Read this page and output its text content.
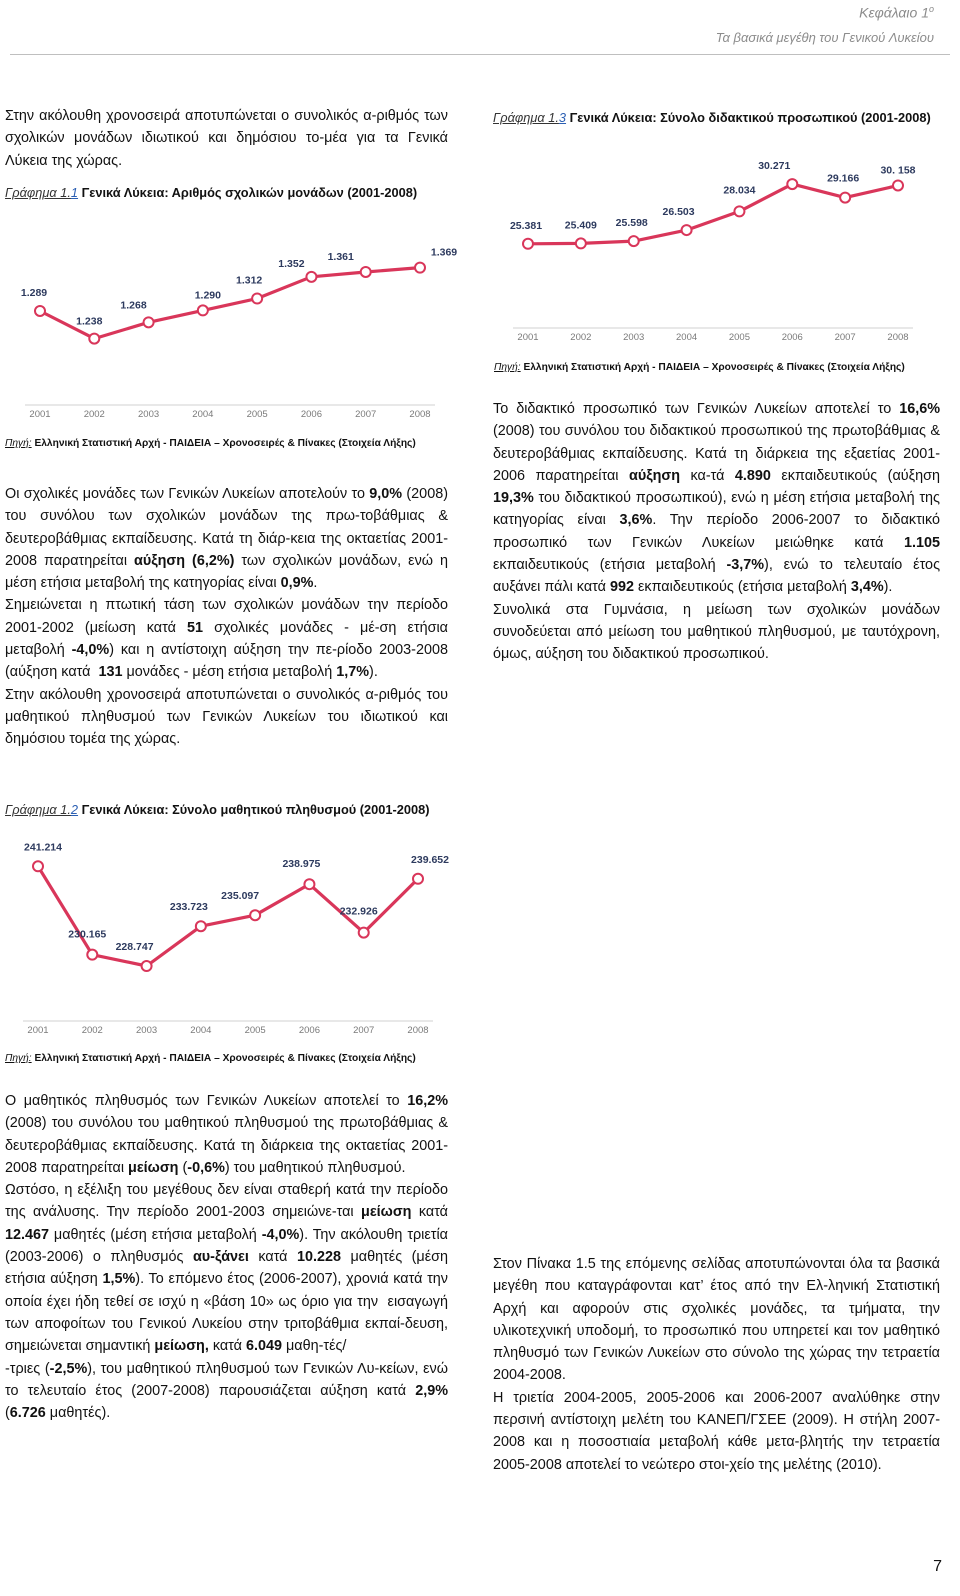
Κεφάλαιο $1^o$
Τα βασικά μεγέθη του Γενικού Λυκείου

Στην ακόλουθη χρονοσειρά αποτυπώνεται ο συνολικός α-ριθμός των σχολικών μονάδων ιδιωτικού και δημόσιου το-μέα για τα Γενικά Λύκεια της χώρας.

Γράφημα 1.1 Γενικά Λύκεια: Αριθμός σχολικών μονάδων (2001-2008)
1.289
1.238
1.268
1.290
1.312
1.352
1.361	1.369
2001	2002	2003	2004	2005	2006	2007	2008
Πηγή: Ελληνική Στατιστική Αρχή - ΠΑΙΔΕΙΑ – Χρονοσειρές & Πίνακες (Στοιχεία Λήξης)

Οι σχολικές μονάδες των Γενικών Λυκείων αποτελούν το 9,0% (2008) του συνόλου των σχολικών μονάδων της πρω-τοβάθμιας & δευτεροβάθμιας εκπαίδευσης. Κατά τη διάρ-κεια της οκταετίας 2001-2008 παρατηρείται αύξηση (6,2%) των σχολικών μονάδων, ενώ η μέση ετήσια μεταβολή της κατηγορίας είναι 0,9%.
Σημειώνεται η πτωτική τάση των σχολικών μονάδων την περίοδο 2001-2002 (μείωση κατά 51 σχολικές μονάδες - μέ-ση ετήσια μεταβολή -4,0%) και η αντίστοιχη αύξηση την πε-ρίοδο 2003-2008 (αύξηση κατά  131 μονάδες - μέση ετήσια μεταβολή 1,7%).
Στην ακόλουθη χρονοσειρά αποτυπώνεται ο συνολικός α-ριθμός του μαθητικού πληθυσμού των Γενικών Λυκείων του ιδιωτικού και δημόσιου τομέα της χώρας.

Γράφημα 1.2 Γενικά Λύκεια: Σύνολο μαθητικού πληθυσμού (2001-2008)
241.214
230.165
228.747
233.723
235.097
238.975
232.926
239.652
2001	2002	2003	2004	2005	2006	2007	2008
Πηγή: Ελληνική Στατιστική Αρχή - ΠΑΙΔΕΙΑ – Χρονοσειρές & Πίνακες (Στοιχεία Λήξης)

Ο μαθητικός πληθυσμός των Γενικών Λυκείων αποτελεί το 16,2% (2008) του συνόλου του μαθητικού πληθυσμού της πρωτοβάθμιας & δευτεροβάθμιας εκπαίδευσης. Κατά τη διάρκεια της οκταετίας 2001-2008 παρατηρείται μείωση (-0,6%) του μαθητικού πληθυσμού.
Ωστόσο, η εξέλιξη του μεγέθους δεν είναι σταθερή κατά την περίοδο της ανάλυσης. Την περίοδο 2001-2003 σημειώνε-ται μείωση κατά 12.467 μαθητές (μέση ετήσια μεταβολή -4,0%). Την ακόλουθη τριετία (2003-2006) ο πληθυσμός αυ-ξάνει κατά 10.228 μαθητές (μέση ετήσια αύξηση 1,5%). Το επόμενο έτος (2006-2007), χρονιά κατά την οποία έχει ήδη τεθεί σε ισχύ η «βάση 10» ως όριο για την  εισαγωγή των αποφοίτων του Γενικού Λυκείου στην τριτοβάθμια εκπαί-δευση, σημειώνεται σημαντική μείωση, κατά 6.049 μαθη-τές/
-τριες (-2,5%), του μαθητικού πληθυσμού των Γενικών Λυ-κείων, ενώ το τελευταίο έτος (2007-2008) παρουσιάζεται αύξηση κατά 2,9% (6.726 μαθητές).

Γράφημα 1.3 Γενικά Λύκεια: Σύνολο διδακτικού προσωπικού (2001-2008)
25.381 25.409 25.598
26.503
28.034
30.271
29.166
30. 158
2001	2002	2003	2004	2005	2006	2007	2008
Πηγή: Ελληνική Στατιστική Αρχή - ΠΑΙΔΕΙΑ – Χρονοσειρές & Πίνακες (Στοιχεία Λήξης)

Το διδακτικό προσωπικό των Γενικών Λυκείων αποτελεί το 16,6% (2008) του συνόλου του διδακτικού προσωπικού της πρωτοβάθμιας & δευτεροβάθμιας εκπαίδευσης. Κατά τη διάρκεια της εξαετίας 2001-2006 παρατηρείται αύξηση κα-τά 4.890 εκπαιδευτικούς (αύξηση 19,3% του διδακτικού προσωπικού), ενώ η μέση ετήσια μεταβολή της κατηγορίας είναι 3,6%. Την περίοδο 2006-2007 το διδακτικό προσωπικό των Γενικών Λυκείων μειώθηκε κατά 1.105 εκπαιδευτικούς (ετήσια μεταβολή -3,7%), ενώ το τελευταίο έτος αυξάνει πάλι κατά 992 εκπαιδευτικούς (ετήσια μεταβολή 3,4%).
Συνολικά στα Γυμνάσια, η μείωση των σχολικών μονάδων συνοδεύεται από μείωση του μαθητικού πληθυσμού, με ταυτόχρονη, όμως, αύξηση του διδακτικού προσωπικού.

Στον Πίνακα 1.5 της επόμενης σελίδας αποτυπώνονται όλα τα βασικά μεγέθη που καταγράφονται κατ’ έτος από την Ελ-ληνική Στατιστική Αρχή και αφορούν στις σχολικές μονάδες, τα τμήματα, την υλικοτεχνική υποδομή, το προσωπικό που υπηρετεί και τον μαθητικό πληθυσμό των Γενικών Λυκείων στο σύνολο της χώρας την τετραετία 2004-2008.
Η τριετία 2004-2005, 2005-2006 και 2006-2007 αναλύθηκε στην περσινή αντίστοιχη μελέτη του ΚΑΝΕΠ/ΓΣΕΕ (2009). Η στήλη 2007-2008 και η ποσοστιαία μεταβολή κάθε μετα-βλητής την τετραετία 2005-2008 αποτελεί το νεώτερο στοι-χείο της μελέτης (2010).

7
